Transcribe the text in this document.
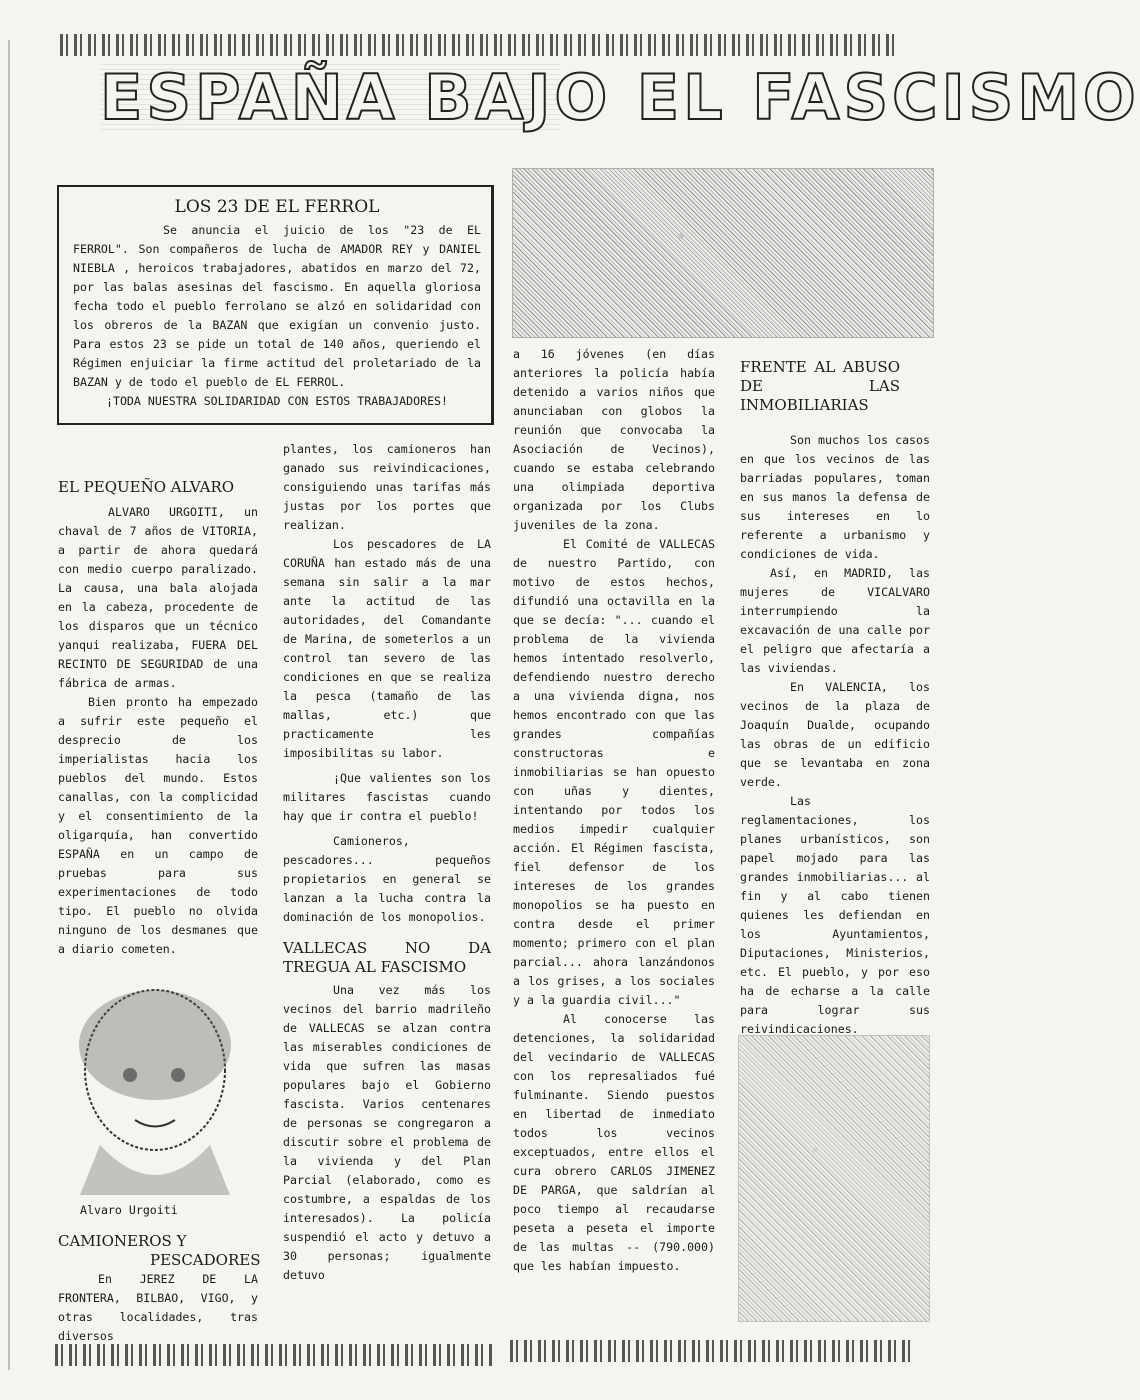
ESPAÑA BAJO EL FASCISMO
LOS 23 DE EL FERROL

Se anuncia el juicio de los "23 de EL FERROL". Son compañeros de lucha de AMADOR REY y DANIEL NIEBLA , heroicos trabajadores, abatidos en marzo del 72, por las balas asesinas del fascismo. En aquella gloriosa fecha todo el pueblo ferrolano se alzó en solidaridad con los obreros de la BAZAN que exigían un convenio justo. Para estos 23 se pide un total de 140 años, queriendo el Régimen enjuiciar la firme actitud del proletariado de la BAZAN y de todo el pueblo de EL FERROL.

¡TODA NUESTRA SOLIDARIDAD CON ESTOS TRABAJADORES!

EL PEQUEÑO ALVARO

ALVARO URGOITI, un chaval de 7 años de VITORIA, a partir de ahora quedará con medio cuerpo paralizado. La causa, una bala alojada en la cabeza, procedente de los disparos que un técnico yanqui realizaba, FUERA DEL RECINTO DE SEGURIDAD de una fábrica de armas.

Bien pronto ha empezado a sufrir este pequeño el desprecio de los imperialistas hacia los pueblos del mundo. Estos canallas, con la complicidad y el consentimiento de la oligarquía, han convertido ESPAÑA en un campo de pruebas para sus experimentaciones de todo tipo. El pueblo no olvida ninguno de los desmanes que a diario cometen.

Alvaro Urgoiti

CAMIONEROS Y

PESCADORES

En JEREZ DE LA FRONTERA, BILBAO, VIGO, y otras localidades, tras diversos

plantes, los camioneros han ganado sus reivindicaciones, consiguiendo unas tarifas más justas por los portes que realizan.

Los pescadores de LA CORUÑA han estado más de una semana sin salir a la mar ante la actitud de las autoridades, del Comandante de Marina, de someterlos a un control tan severo de las condiciones en que se realiza la pesca (tamaño de las mallas, etc.) que practicamente les imposibilitas su labor.

¡Que valientes son los militares fascistas cuando hay que ir contra el pueblo!

Camioneros, pescadores... pequeños propietarios en general se lanzan a la lucha contra la dominación de los monopolios.

VALLECAS NO DA TREGUA AL FASCISMO

Una vez más los vecinos del barrio madrileño de VALLECAS se alzan contra las miserables condiciones de vida que sufren las masas populares bajo el Gobierno fascista. Varios centenares de personas se congregaron a discutir sobre el problema de la vivienda y del Plan Parcial (elaborado, como es costumbre, a espaldas de los interesados). La policía suspendió el acto y detuvo a 30 personas; igualmente detuvo

a 16 jóvenes (en días anteriores la policía había detenido a varios niños que anunciaban con globos la reunión que convocaba la Asociación de Vecinos), cuando se estaba celebrando una olimpiada deportiva organizada por los Clubs juveniles de la zona.

El Comité de VALLECAS de nuestro Partido, con motivo de estos hechos, difundió una octavilla en la que se decía: "... cuando el problema de la vivienda hemos intentado resolverlo, defendiendo nuestro derecho a una vivienda digna, nos hemos encontrado con que las grandes compañías constructoras e inmobiliarias se han opuesto con uñas y dientes, intentando por todos los medios impedir cualquier acción. El Régimen fascista, fiel defensor de los intereses de los grandes monopolios se ha puesto en contra desde el primer momento; primero con el plan parcial... ahora lanzándonos a los grises, a los sociales y a la guardia civil..."

Al conocerse las detenciones, la solidaridad del vecindario de VALLECAS con los represaliados fué fulminante. Siendo puestos en libertad de inmediato todos los vecinos exceptuados, entre ellos el cura obrero CARLOS JIMENEZ DE PARGA, que saldrían al poco tiempo al recaudarse peseta a peseta el importe de las multas -- (790.000) que les habían impuesto.

FRENTE AL ABUSO DE LAS INMOBILIARIAS

Son muchos los casos en que los vecinos de las barriadas populares, toman en sus manos la defensa de sus intereses en lo referente a urbanismo y condiciones de vida.

Así, en MADRID, las mujeres de VICALVARO interrumpiendo la excavación de una calle por el peligro que afectaría a las viviendas.

En VALENCIA, los vecinos de la plaza de Joaquín Dualde, ocupando las obras de un edificio que se levantaba en zona verde.

Las reglamentaciones, los planes urbanísticos, son papel mojado para las grandes inmobiliarias... al fin y al cabo tienen quienes les defiendan en los Ayuntamientos, Diputaciones, Ministerios, etc. El pueblo, y por eso ha de echarse a la calle para lograr sus reivindicaciones.
